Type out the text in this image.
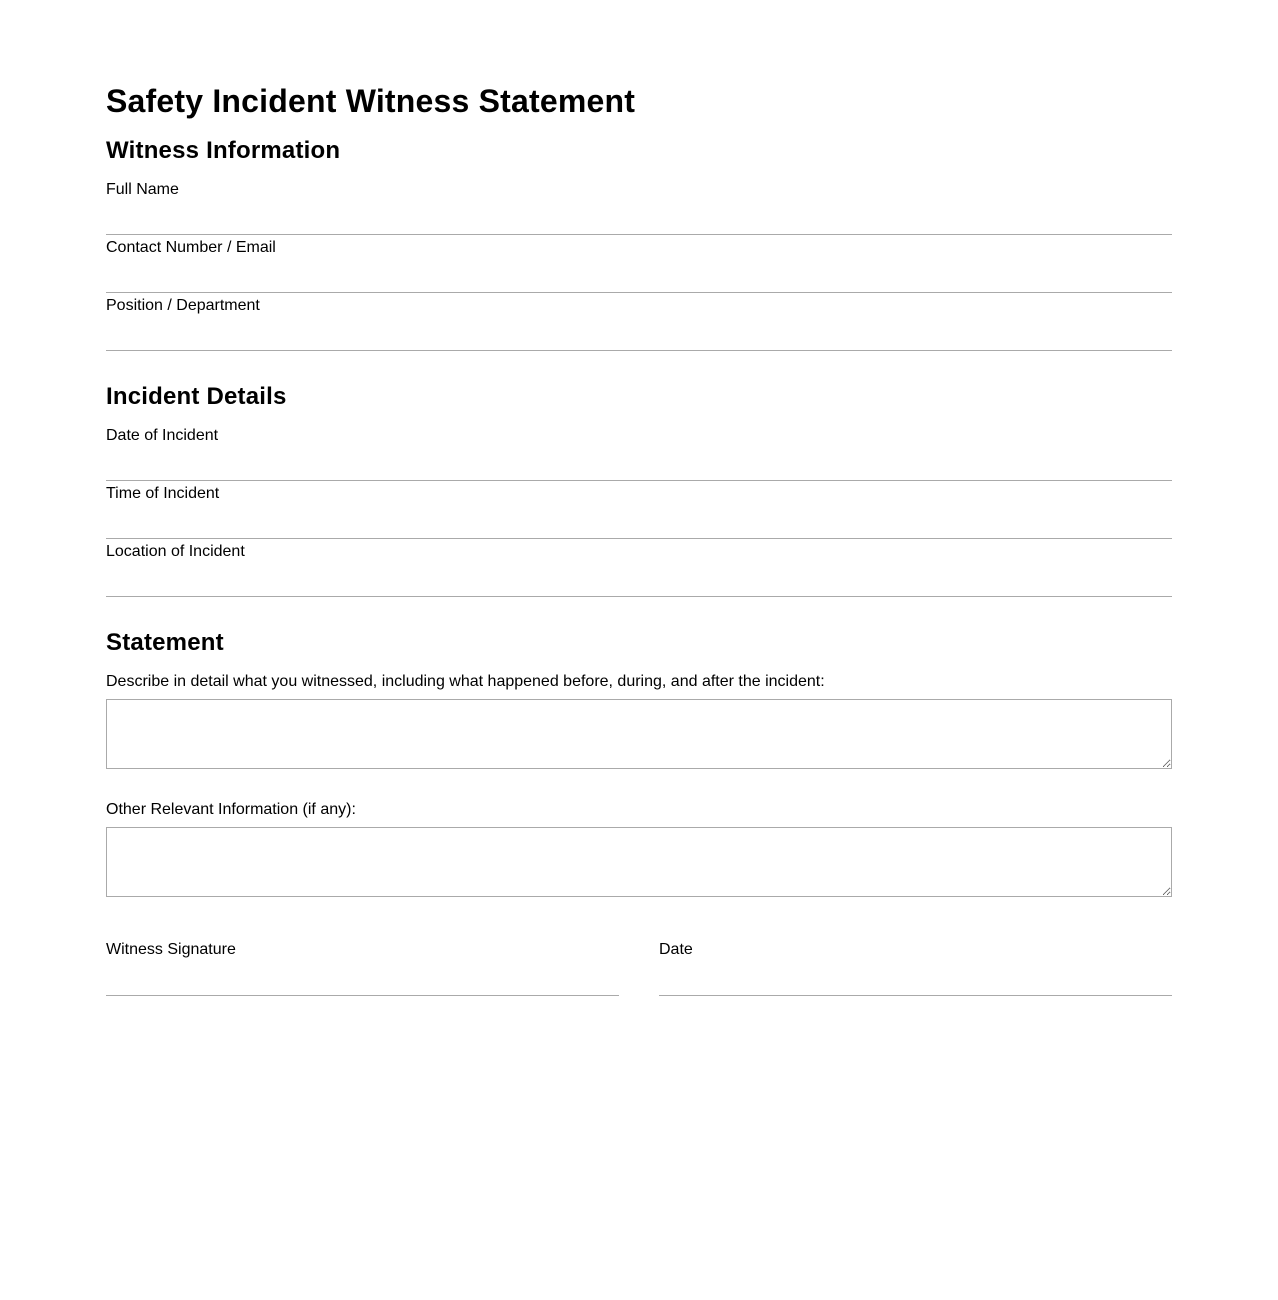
Safety Incident Witness Statement
Witness Information
Full Name
Contact Number / Email
Position / Department
Incident Details
Date of Incident
Time of Incident
Location of Incident
Statement
Describe in detail what you witnessed, including what happened before, during, and after the incident:
Other Relevant Information (if any):
Witness Signature	Date
